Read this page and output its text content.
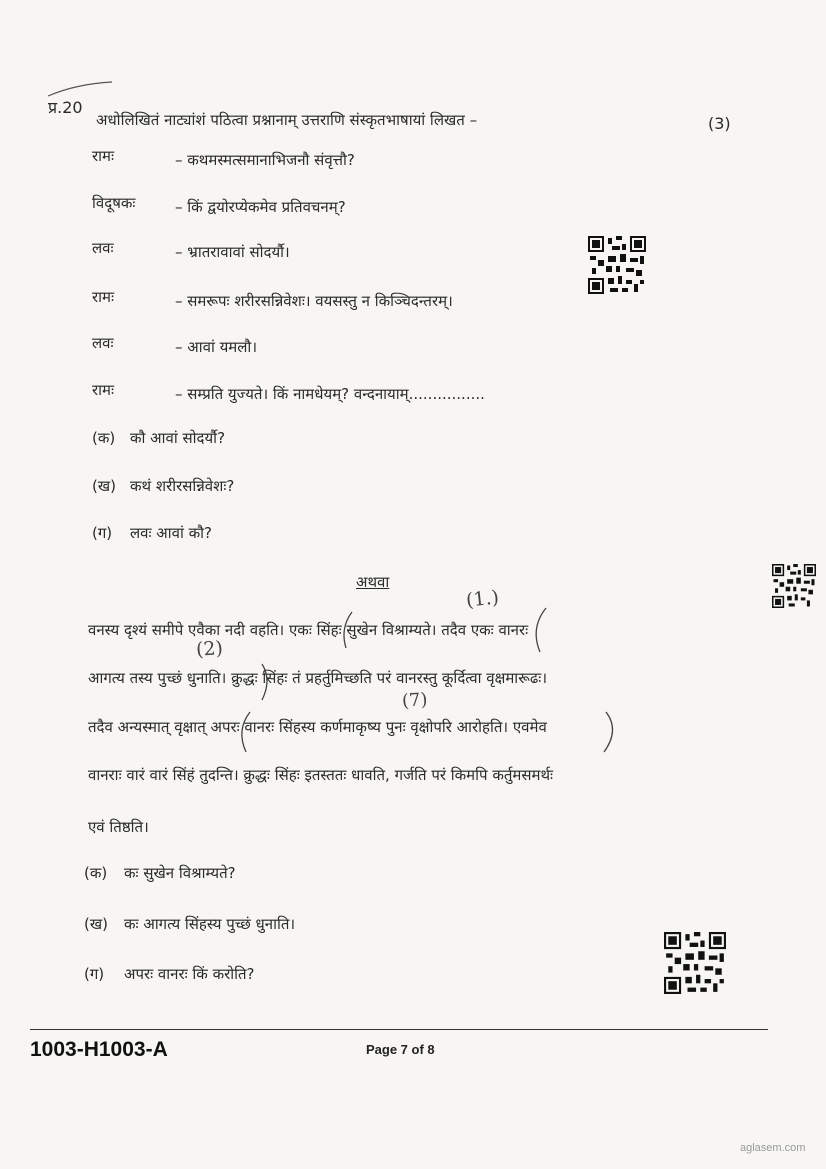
प्र.20
अधोलिखितं नाट्यांशं पठित्वा प्रश्नानाम् उत्तराणि संस्कृतभाषायां लिखत –	(3)
रामः	– कथमस्मत्समानाभिजनौ संवृत्तौ?
विदूषकः	– किं द्वयोरप्येकमेव प्रतिवचनम्?
लवः	– भ्रातरावावां सोदर्यौ।
रामः	– समरूपः शरीरसन्निवेशः। वयसस्तु न किञ्चिदन्तरम्।
लवः	– आवां यमलौ।
रामः	– सम्प्रति युज्यते। किं नामधेयम्? वन्दनायाम्................
(क) कौ आवां सोदर्यौ?
(ख) कथं शरीरसन्निवेशः?
(ग) लवः आवां कौ?
अथवा
वनस्य दृश्यं समीपे एवैका नदी वहति। एकः सिंहः सुखेन विश्राम्यते। तदैव एकः वानरः
आगत्य तस्य पुच्छं धुनाति। क्रुद्धः सिंहः तं प्रहर्तुमिच्छति परं वानरस्तु कूर्दित्वा वृक्षमारूढः।
तदैव अन्यस्मात् वृक्षात् अपरः वानरः सिंहस्य कर्णमाकृष्य पुनः वृक्षोपरि आरोहति। एवमेव
वानराः वारं वारं सिंहं तुदन्ति। क्रुद्धः सिंहः इतस्ततः धावति, गर्जति परं किमपि कर्तुमसमर्थः
एवं तिष्ठति।
(1.)
(2)
(7)
(क) कः सुखेन विश्राम्यते?
(ख) कः आगत्य सिंहस्य पुच्छं धुनाति।
(ग) अपरः वानरः किं करोति?
1003-H1003-A	Page 7 of 8
aglasem.com
